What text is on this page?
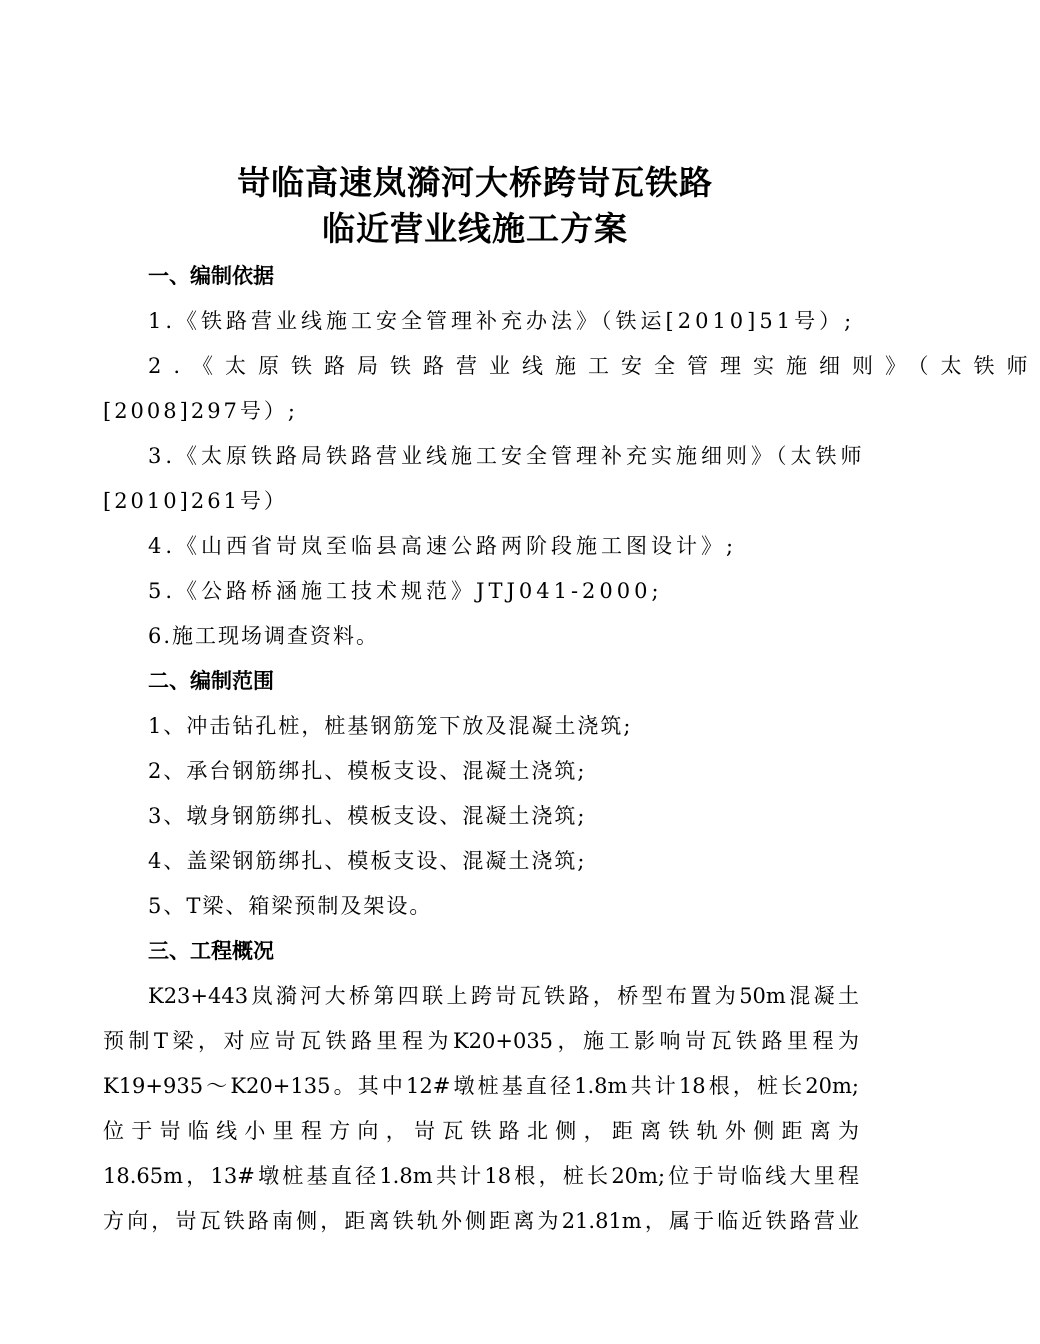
岢临高速岚漪河大桥跨岢瓦铁路
临近营业线施工方案
一、编制依据
1.《铁路营业线施工安全管理补充办法》（铁运[2010]51号）;
2.《太原铁路局铁路营业线施工安全管理实施细则》（太铁师
[2008]297号）;
3.《太原铁路局铁路营业线施工安全管理补充实施细则》（太铁师
[2010]261号）
4.《山西省岢岚至临县高速公路两阶段施工图设计》;
5.《公路桥涵施工技术规范》JTJ041-2000;
6.施工现场调查资料。
二、编制范围
1、冲击钻孔桩，桩基钢筋笼下放及混凝土浇筑;
2、承台钢筋绑扎、模板支设、混凝土浇筑;
3、墩身钢筋绑扎、模板支设、混凝土浇筑;
4、盖梁钢筋绑扎、模板支设、混凝土浇筑;
5、T梁、箱梁预制及架设。
三、工程概况
K23+443岚漪河大桥第四联上跨岢瓦铁路，桥型布置为50m混凝土
预制T梁，对应岢瓦铁路里程为K20+035，施工影响岢瓦铁路里程为
K19+935～K20+135。其中12#墩桩基直径1.8m共计18根，桩长20m;
位于岢临线小里程方向，岢瓦铁路北侧，距离铁轨外侧距离为
18.65m，13#墩桩基直径1.8m共计18根，桩长20m;位于岢临线大里程
方向，岢瓦铁路南侧，距离铁轨外侧距离为21.81m，属于临近铁路营业
